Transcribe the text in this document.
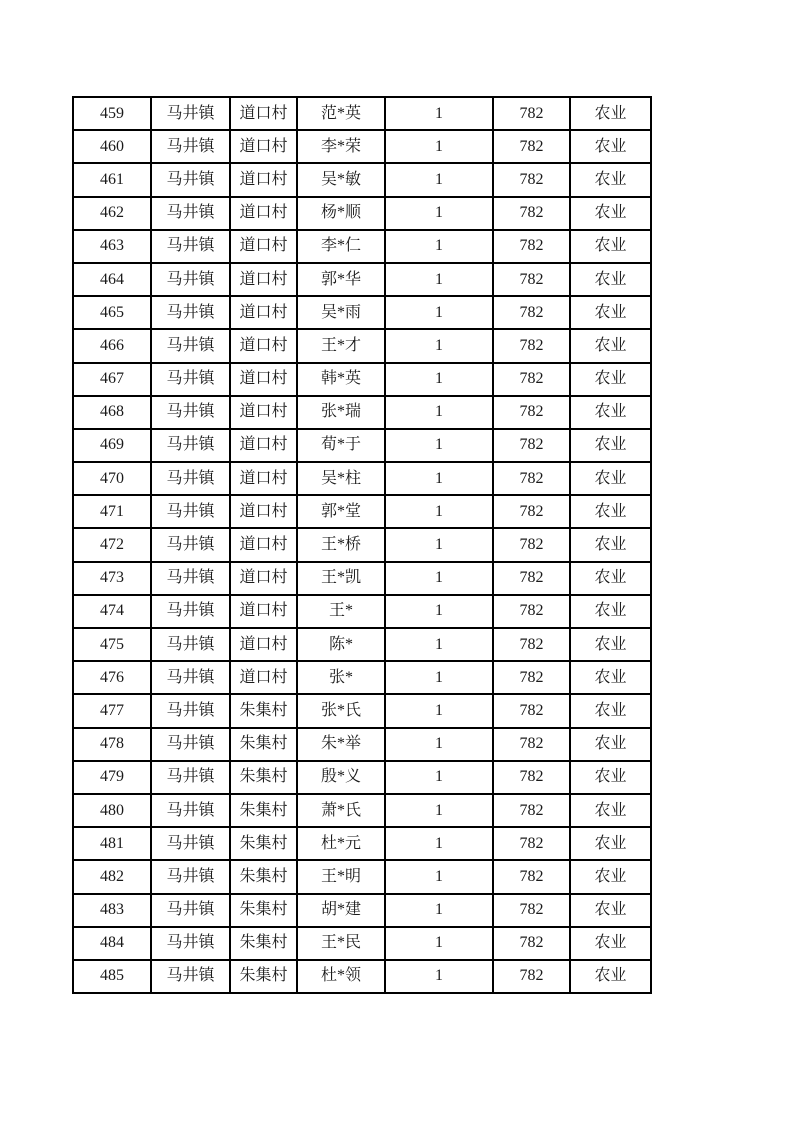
459	马井镇	道口村	范*英	1	782	农业
460	马井镇	道口村	李*荣	1	782	农业
461	马井镇	道口村	吴*敏	1	782	农业
462	马井镇	道口村	杨*顺	1	782	农业
463	马井镇	道口村	李*仁	1	782	农业
464	马井镇	道口村	郭*华	1	782	农业
465	马井镇	道口村	吴*雨	1	782	农业
466	马井镇	道口村	王*才	1	782	农业
467	马井镇	道口村	韩*英	1	782	农业
468	马井镇	道口村	张*瑞	1	782	农业
469	马井镇	道口村	荀*于	1	782	农业
470	马井镇	道口村	吴*柱	1	782	农业
471	马井镇	道口村	郭*堂	1	782	农业
472	马井镇	道口村	王*桥	1	782	农业
473	马井镇	道口村	王*凯	1	782	农业
474	马井镇	道口村	王*	1	782	农业
475	马井镇	道口村	陈*	1	782	农业
476	马井镇	道口村	张*	1	782	农业
477	马井镇	朱集村	张*氏	1	782	农业
478	马井镇	朱集村	朱*举	1	782	农业
479	马井镇	朱集村	殷*义	1	782	农业
480	马井镇	朱集村	萧*氏	1	782	农业
481	马井镇	朱集村	杜*元	1	782	农业
482	马井镇	朱集村	王*明	1	782	农业
483	马井镇	朱集村	胡*建	1	782	农业
484	马井镇	朱集村	王*民	1	782	农业
485	马井镇	朱集村	杜*领	1	782	农业
